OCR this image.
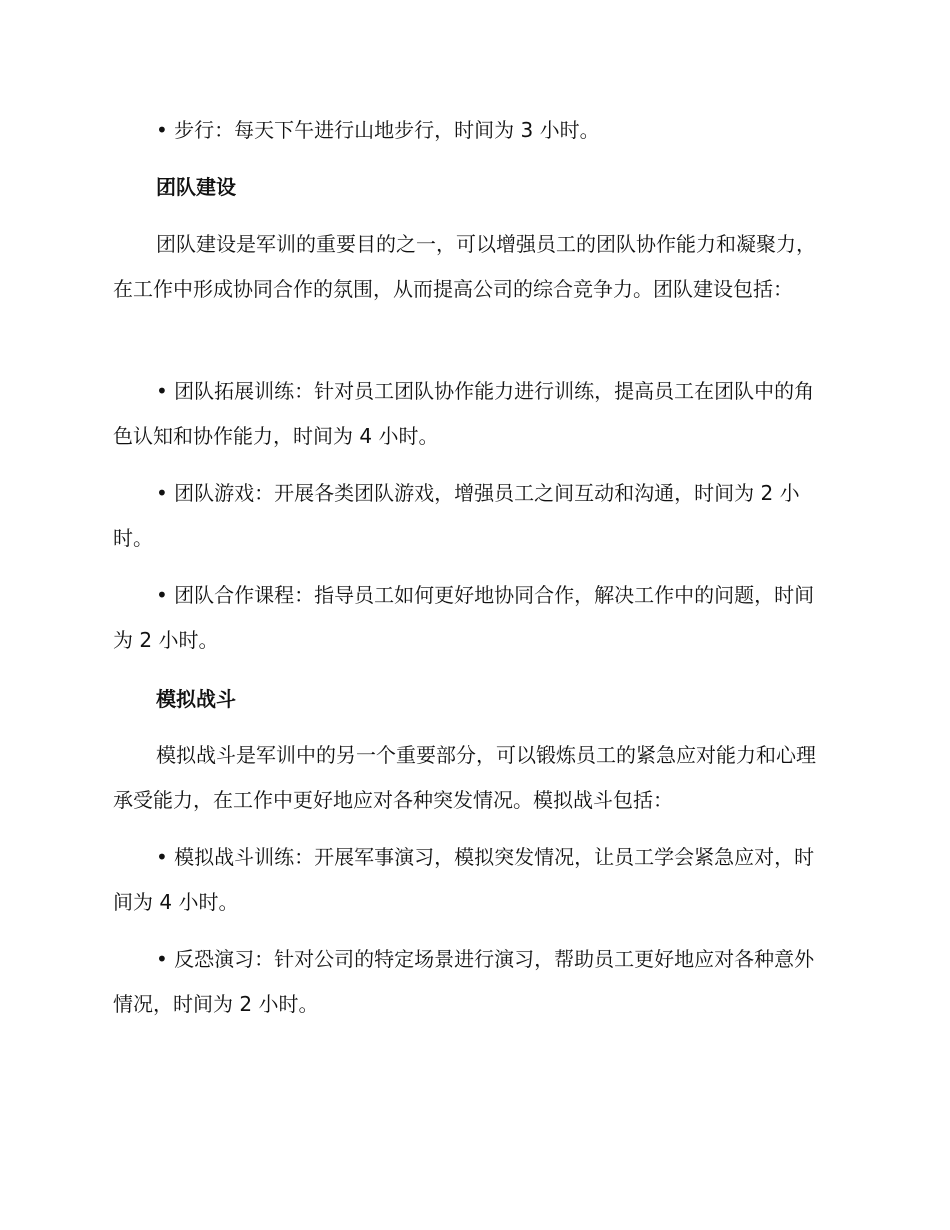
• 步行：每天下午进行山地步行，时间为 3 小时。

团队建设

团队建设是军训的重要目的之一，可以增强员工的团队协作能力和凝聚力，在工作中形成协同合作的氛围，从而提高公司的综合竞争力。团队建设包括：

• 团队拓展训练：针对员工团队协作能力进行训练，提高员工在团队中的角色认知和协作能力，时间为 4 小时。

• 团队游戏：开展各类团队游戏，增强员工之间互动和沟通，时间为 2 小时。

• 团队合作课程：指导员工如何更好地协同合作，解决工作中的问题，时间为 2 小时。

模拟战斗

模拟战斗是军训中的另一个重要部分，可以锻炼员工的紧急应对能力和心理承受能力，在工作中更好地应对各种突发情况。模拟战斗包括：

• 模拟战斗训练：开展军事演习，模拟突发情况，让员工学会紧急应对，时间为 4 小时。

• 反恐演习：针对公司的特定场景进行演习，帮助员工更好地应对各种意外情况，时间为 2 小时。
